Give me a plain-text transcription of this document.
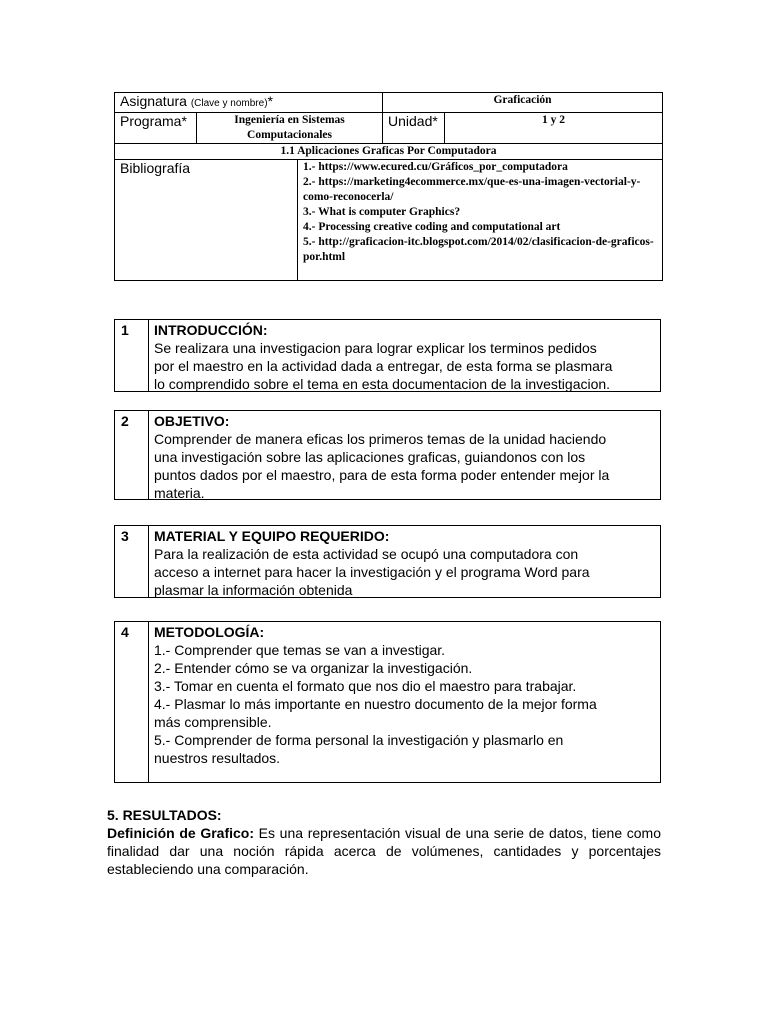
Asignatura (Clave y nombre)*			Graficación	
Programa*	Ingeniería en Sistemas Computacionales		Unidad*	1 y 2
1.1 Aplicaciones Graficas Por Computadora				
Bibliografía		1.- https://www.ecured.cu/Gráficos_por_computadora
2.- https://marketing4ecommerce.mx/que-es-una-imagen-vectorial-y-como-reconocerla/
3.- What is computer Graphics?
4.- Processing creative coding and computational art
5.- http://graficacion-itc.blogspot.com/2014/02/clasificacion-de-graficos-por.html		
1	INTRODUCCIÓN:
Se realizara una investigacion para lograr explicar los terminos pedidos
por el maestro en la actividad dada a entregar, de esta forma se plasmara
lo comprendido sobre el tema en esta documentacion de la investigacion.
2	OBJETIVO:
Comprender de manera eficas los primeros temas de la unidad haciendo
una investigación sobre las aplicaciones graficas, guiandonos con los
puntos dados por el maestro, para de esta forma poder entender mejor la
materia.
3	MATERIAL Y EQUIPO REQUERIDO:
Para la realización de esta actividad se ocupó una computadora con
acceso a internet para hacer la investigación y el programa Word para
plasmar la información obtenida
4	METODOLOGÍA:
1.- Comprender que temas se van a investigar.
2.- Entender cómo se va organizar la investigación.
3.- Tomar en cuenta el formato que nos dio el maestro para trabajar.
4.- Plasmar lo más importante en nuestro documento de la mejor forma
más comprensible.
5.- Comprender de forma personal la investigación y plasmarlo en
nuestros resultados.
5. RESULTADOS:

Definición de Grafico: Es una representación visual de una serie de datos, tiene como finalidad dar una noción rápida acerca de volúmenes, cantidades y porcentajes estableciendo una comparación.
